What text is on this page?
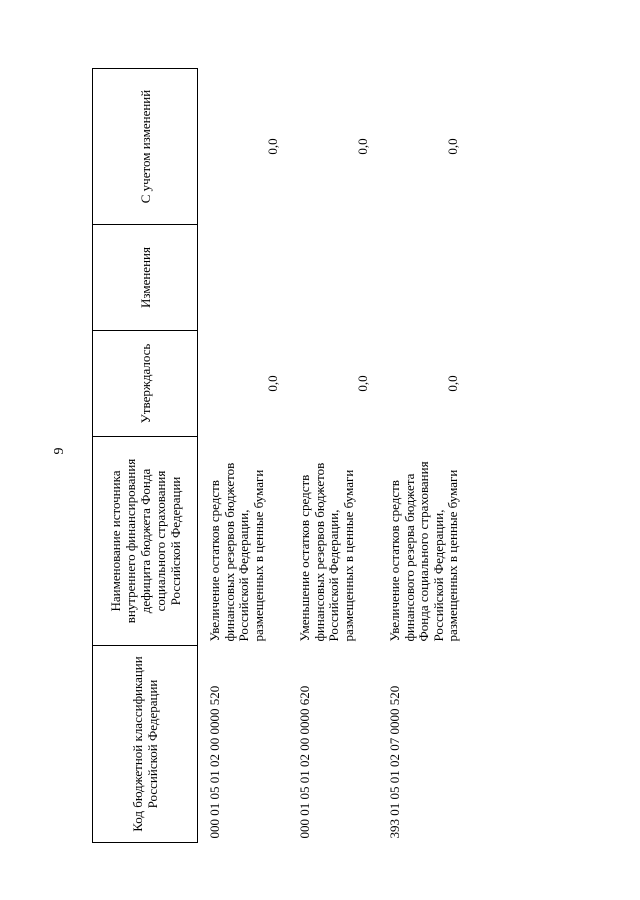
9
Код бюджетной классификации Российской Федерации	Наименование источника внутреннего финансирования дефицита бюджета Фонда социального страхования Российской Федерации	Утверждалось	Изменения	С учетом изменений
000 01 05 01 02 00 0000 520	Увеличение остатков средств финансовых резервов бюджетов Российской Федерации, размещенных в ценные бумаги	0,0		0,0
000 01 05 01 02 00 0000 620	Уменьшение остатков средств финансовых резервов бюджетов Российской Федерации, размещенных в ценные бумаги	0,0		0,0
393 01 05 01 02 07 0000 520	Увеличение остатков средств финансового резерва бюджета Фонда социального страхования Российской Федерации, размещенных в ценные бумаги	0,0		0,0
